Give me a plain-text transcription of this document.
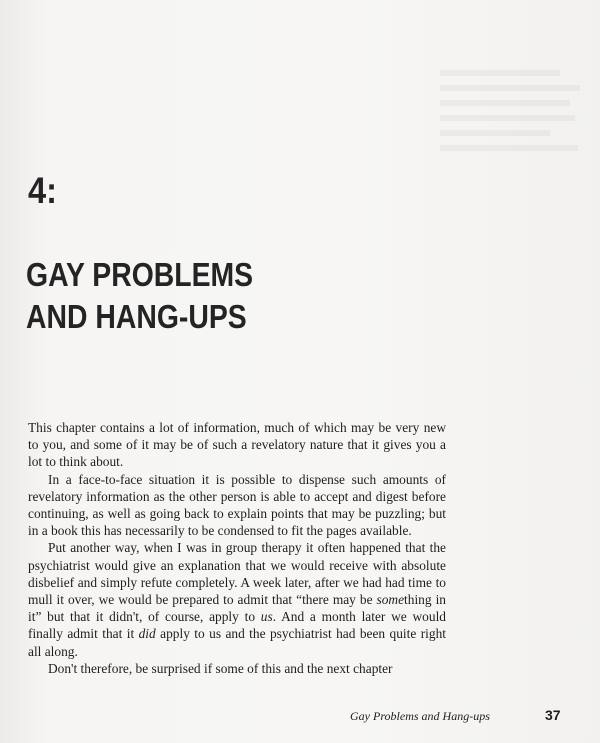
4:
GAY PROBLEMS
AND HANG-UPS

This chapter contains a lot of information, much of which may be very new to you, and some of it may be of such a revelatory nature that it gives you a lot to think about.

In a face-to-face situation it is possible to dispense such amounts of revelatory information as the other person is able to accept and digest before continuing, as well as going back to explain points that may be puzzling; but in a book this has necessarily to be condensed to fit the pages available.

Put another way, when I was in group therapy it often happened that the psychiatrist would give an explanation that we would receive with absolute disbelief and simply refute completely. A week later, after we had had time to mull it over, we would be prepared to admit that “there may be something in it” but that it didn't, of course, apply to us. And a month later we would finally admit that it did apply to us and the psychiatrist had been quite right all along.

Don't therefore, be surprised if some of this and the next chapter

Gay Problems and Hang-ups	37
